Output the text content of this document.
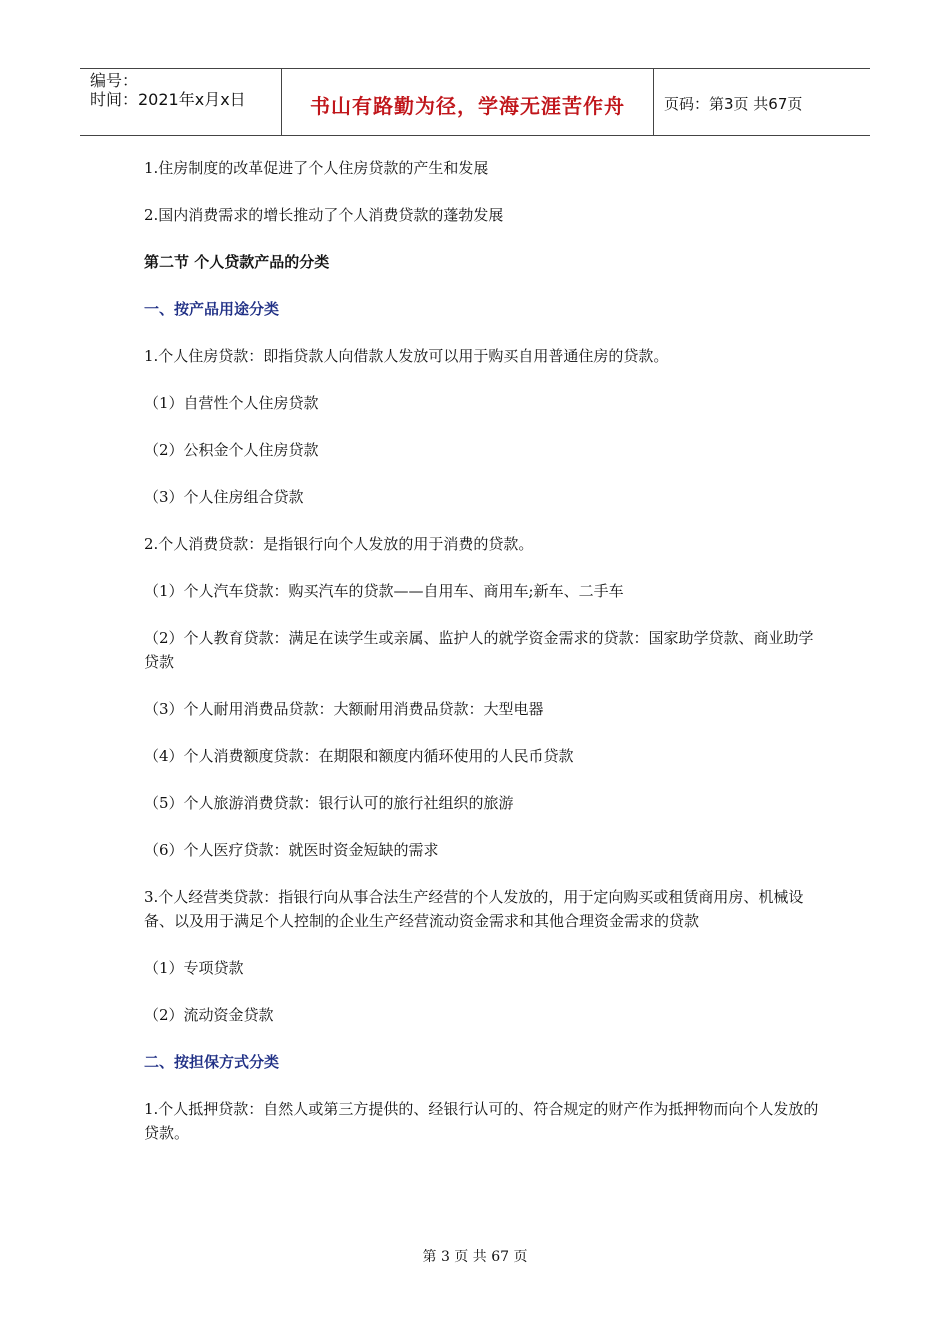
编号：
时间：2021年x月x日	书山有路勤为径，学海无涯苦作舟	页码：第3页 共67页

1.住房制度的改革促进了个人住房贷款的产生和发展

2.国内消费需求的增长推动了个人消费贷款的蓬勃发展

第二节 个人贷款产品的分类

一、按产品用途分类

1.个人住房贷款：即指贷款人向借款人发放可以用于购买自用普通住房的贷款。

（1）自营性个人住房贷款

（2）公积金个人住房贷款

（3）个人住房组合贷款

2.个人消费贷款：是指银行向个人发放的用于消费的贷款。

（1）个人汽车贷款：购买汽车的贷款——自用车、商用车;新车、二手车

（2）个人教育贷款：满足在读学生或亲属、监护人的就学资金需求的贷款：国家助学贷款、商业助学贷款

（3）个人耐用消费品贷款：大额耐用消费品贷款：大型电器

（4）个人消费额度贷款：在期限和额度内循环使用的人民币贷款

（5）个人旅游消费贷款：银行认可的旅行社组织的旅游

（6）个人医疗贷款：就医时资金短缺的需求

3.个人经营类贷款：指银行向从事合法生产经营的个人发放的，用于定向购买或租赁商用房、机械设备、以及用于满足个人控制的企业生产经营流动资金需求和其他合理资金需求的贷款

（1）专项贷款

（2）流动资金贷款

二、按担保方式分类

1.个人抵押贷款：自然人或第三方提供的、经银行认可的、符合规定的财产作为抵押物而向个人发放的贷款。

第 3 页 共 67 页
